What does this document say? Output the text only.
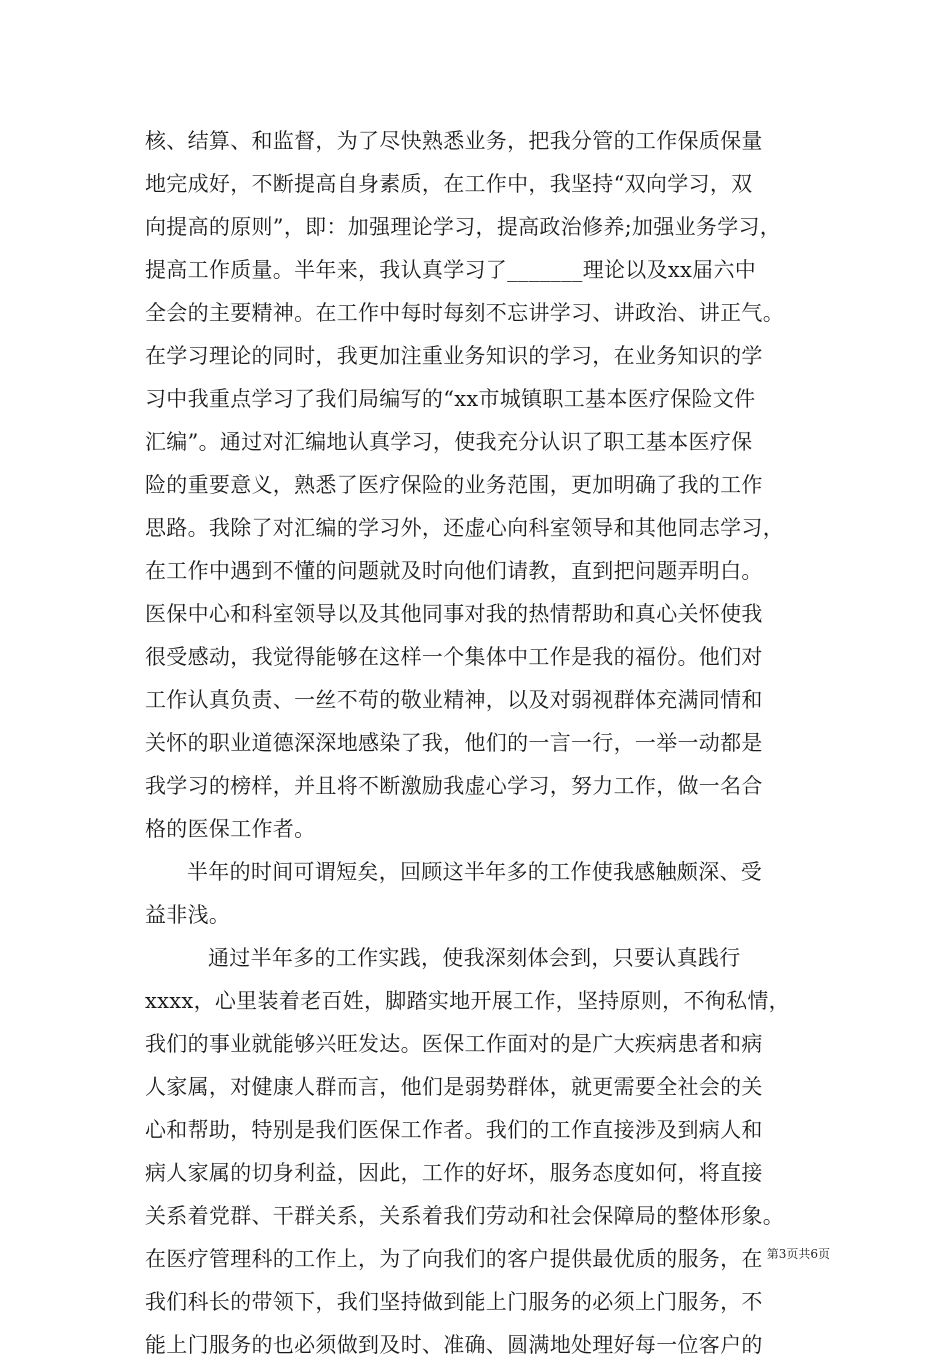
核、结算、和监督，为了尽快熟悉业务，把我分管的工作保质保量
地完成好，不断提高自身素质，在工作中，我坚持“双向学习，双
向提高的原则”，即：加强理论学习，提高政治修养;加强业务学习，
提高工作质量。半年来，我认真学习了_______理论以及xx届六中
全会的主要精神。在工作中每时每刻不忘讲学习、讲政治、讲正气。
在学习理论的同时，我更加注重业务知识的学习，在业务知识的学
习中我重点学习了我们局编写的“xx市城镇职工基本医疗保险文件
汇编”。通过对汇编地认真学习，使我充分认识了职工基本医疗保
险的重要意义，熟悉了医疗保险的业务范围，更加明确了我的工作
思路。我除了对汇编的学习外，还虚心向科室领导和其他同志学习，
在工作中遇到不懂的问题就及时向他们请教，直到把问题弄明白。
医保中心和科室领导以及其他同事对我的热情帮助和真心关怀使我
很受感动，我觉得能够在这样一个集体中工作是我的福份。他们对
工作认真负责、一丝不苟的敬业精神，以及对弱视群体充满同情和
关怀的职业道德深深地感染了我，他们的一言一行，一举一动都是
我学习的榜样，并且将不断激励我虚心学习，努力工作，做一名合
格的医保工作者。
半年的时间可谓短矣，回顾这半年多的工作使我感触颇深、受
益非浅。
通过半年多的工作实践，使我深刻体会到，只要认真践行
xxxx，心里装着老百姓，脚踏实地开展工作，坚持原则，不徇私情，
我们的事业就能够兴旺发达。医保工作面对的是广大疾病患者和病
人家属，对健康人群而言，他们是弱势群体，就更需要全社会的关
心和帮助，特别是我们医保工作者。我们的工作直接涉及到病人和
病人家属的切身利益，因此，工作的好坏，服务态度如何，将直接
关系着党群、干群关系，关系着我们劳动和社会保障局的整体形象。
在医疗管理科的工作上，为了向我们的客户提供最优质的服务，在
我们科长的带领下，我们坚持做到能上门服务的必须上门服务，不
能上门服务的也必须做到及时、准确、圆满地处理好每一位客户的
第3页共6页
